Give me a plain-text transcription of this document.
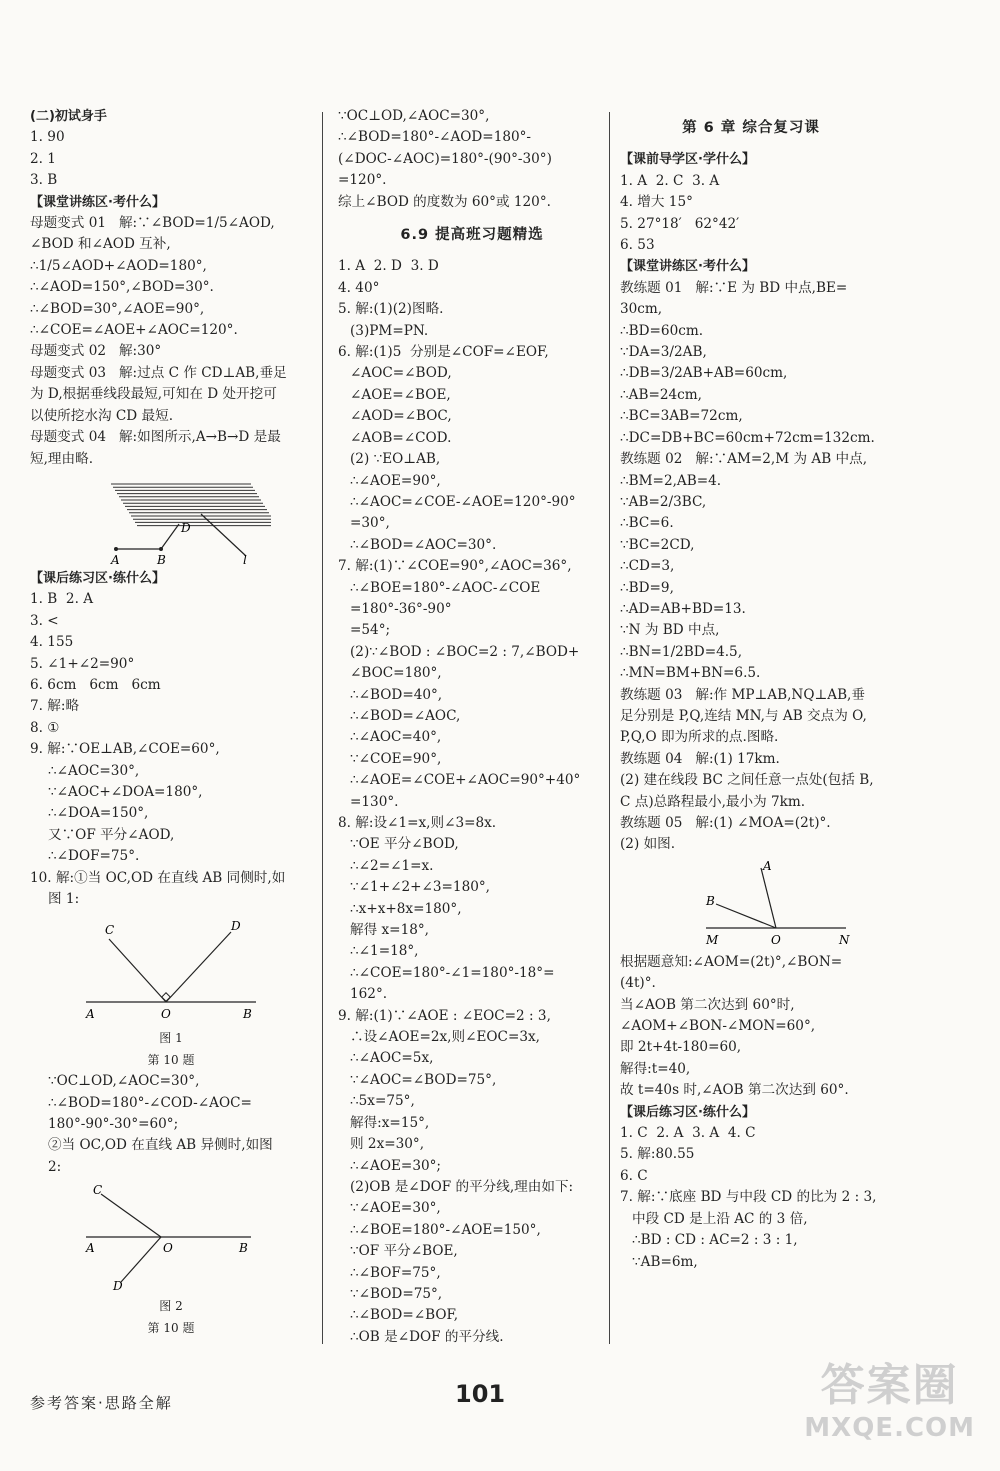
(二)初试身手
1. 90
2. 1
3. B
【课堂讲练区·考什么】
母题变式 01   解:∵∠BOD=1/5∠AOD,
∠BOD 和∠AOD 互补,
∴1/5∠AOD+∠AOD=180°,
∴∠AOD=150°,∠BOD=30°.
∴∠BOD=30°,∠AOE=90°,
∴∠COE=∠AOE+∠AOC=120°.
母题变式 02   解:30°
母题变式 03   解:过点 C 作 CD⊥AB,垂足
为 D,根据垂线段最短,可知在 D 处开挖可
以使所挖水沟 CD 最短.
母题变式 04   解:如图所示,A→B→D 是最
短,理由略.
D
A	B	l
【课后练习区·练什么】
1. B  2. A
3. <
4. 155
5. ∠1+∠2=90°
6. 6cm   6cm   6cm
7. 解:略
8. ①
9. 解:∵OE⊥AB,∠COE=60°,
∴∠AOC=30°,
∵∠AOC+∠DOA=180°,
∴∠DOA=150°,
又∵OF 平分∠AOD,
∴∠DOF=75°.
10. 解:①当 OC,OD 在直线 AB 同侧时,如
图 1:
C	D
A	O	B
图 1
第 10 题
∵OC⊥OD,∠AOC=30°,
∴∠BOD=180°-∠COD-∠AOC=
180°-90°-30°=60°;
②当 OC,OD 在直线 AB 异侧时,如图
2:
C
A	O	B
D
图 2
第 10 题
∵OC⊥OD,∠AOC=30°,
∴∠BOD=180°-∠AOD=180°-
(∠DOC-∠AOC)=180°-(90°-30°)
=120°.
综上∠BOD 的度数为 60°或 120°.
6.9 提高班习题精选
1. A  2. D  3. D
4. 40°
5. 解:(1)(2)图略.
(3)PM=PN.
6. 解:(1)5  分别是∠COF=∠EOF,
∠AOC=∠BOD,
∠AOE=∠BOE,
∠AOD=∠BOC,
∠AOB=∠COD.
(2) ∵EO⊥AB,
∴∠AOE=90°,
∴∠AOC=∠COE-∠AOE=120°-90°
=30°,
∴∠BOD=∠AOC=30°.
7. 解:(1)∵∠COE=90°,∠AOC=36°,
∴∠BOE=180°-∠AOC-∠COE
=180°-36°-90°
=54°;
(2)∵∠BOD : ∠BOC=2 : 7,∠BOD+
∠BOC=180°,
∴∠BOD=40°,
∴∠BOD=∠AOC,
∴∠AOC=40°,
∵∠COE=90°,
∴∠AOE=∠COE+∠AOC=90°+40°
=130°.
8. 解:设∠1=x,则∠3=8x.
∵OE 平分∠BOD,
∴∠2=∠1=x.
∵∠1+∠2+∠3=180°,
∴x+x+8x=180°,
解得 x=18°,
∴∠1=18°,
∴∠COE=180°-∠1=180°-18°=
162°.
9. 解:(1)∵∠AOE : ∠EOC=2 : 3,
∴设∠AOE=2x,则∠EOC=3x,
∴∠AOC=5x,
∵∠AOC=∠BOD=75°,
∴5x=75°,
解得:x=15°,
则 2x=30°,
∴∠AOE=30°;
(2)OB 是∠DOF 的平分线,理由如下:
∵∠AOE=30°,
∴∠BOE=180°-∠AOE=150°,
∵OF 平分∠BOE,
∴∠BOF=75°,
∵∠BOD=75°,
∴∠BOD=∠BOF,
∴OB 是∠DOF 的平分线.
第 6 章 综合复习课
【课前导学区·学什么】
1. A  2. C  3. A
4. 增大 15°
5. 27°18′   62°42′
6. 53
【课堂讲练区·考什么】
教练题 01   解:∵E 为 BD 中点,BE=
30cm,
∴BD=60cm.
∵DA=3/2AB,
∴DB=3/2AB+AB=60cm,
∴AB=24cm,
∴BC=3AB=72cm,
∴DC=DB+BC=60cm+72cm=132cm.
教练题 02   解:∵AM=2,M 为 AB 中点,
∴BM=2,AB=4.
∵AB=2/3BC,
∴BC=6.
∵BC=2CD,
∴CD=3,
∴BD=9,
∴AD=AB+BD=13.
∵N 为 BD 中点,
∴BN=1/2BD=4.5,
∴MN=BM+BN=6.5.
教练题 03   解:作 MP⊥AB,NQ⊥AB,垂
足分别是 P,Q,连结 MN,与 AB 交点为 O,
P,Q,O 即为所求的点.图略.
教练题 04   解:(1) 17km.
(2) 建在线段 BC 之间任意一点处(包括 B,
C 点)总路程最小,最小为 7km.
教练题 05   解:(1) ∠MOA=(2t)°.
(2) 如图.
A
B
M	O	N
根据题意知:∠AOM=(2t)°,∠BON=
(4t)°.
当∠AOB 第二次达到 60°时,
∠AOM+∠BON-∠MON=60°,
即 2t+4t-180=60,
解得:t=40,
故 t=40s 时,∠AOB 第二次达到 60°.
【课后练习区·练什么】
1. C  2. A  3. A  4. C
5. 解:80.55
6. C
7. 解:∵底座 BD 与中段 CD 的比为 2 : 3,
中段 CD 是上沿 AC 的 3 倍,
∴BD : CD : AC=2 : 3 : 1,
∵AB=6m,
参考答案·思路全解	101	答案圈
MXQE.COM
